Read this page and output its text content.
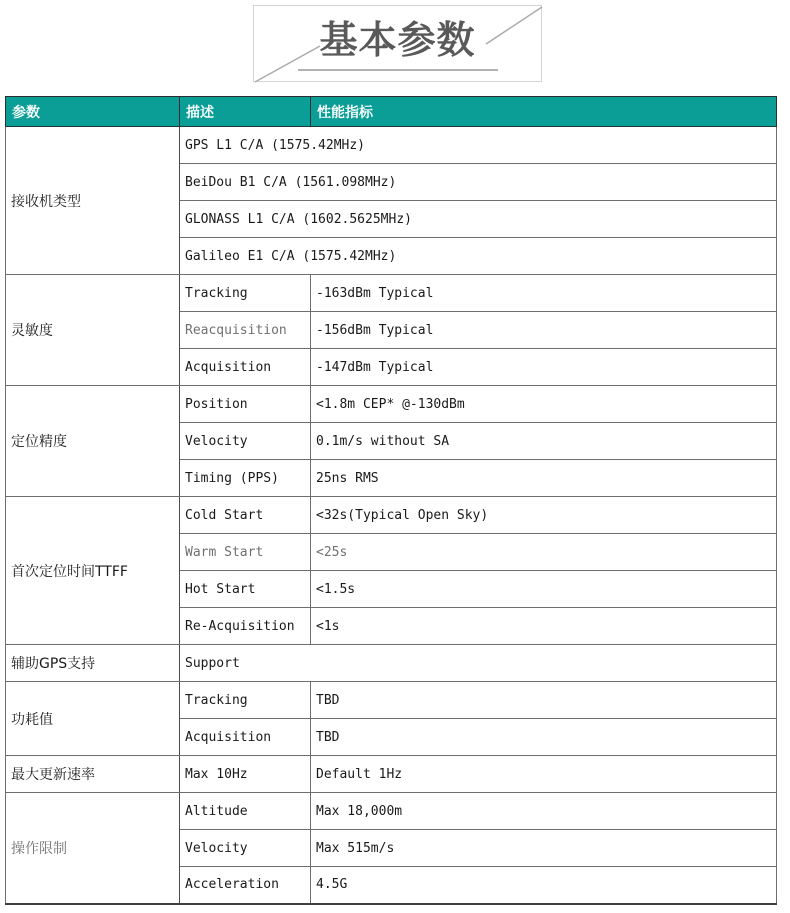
基本参数
参数	描述	性能指标
接收机类型	GPS L1 C/A (1575.42MHz)	
	BeiDou B1 C/A (1561.098MHz)	
	GLONASS L1 C/A (1602.5625MHz)	
	Galileo E1 C/A (1575.42MHz)	
灵敏度	Tracking	-163dBm Typical
	Reacquisition	-156dBm Typical
	Acquisition	-147dBm Typical
定位精度	Position	<1.8m CEP* @-130dBm
	Velocity	0.1m/s without SA
	Timing (PPS)	25ns RMS
首次定位时间TTFF	Cold Start	<32s(Typical Open Sky)
	Warm Start	<25s
	Hot Start	<1.5s
	Re-Acquisition	<1s
辅助GPS支持	Support	
功耗值	Tracking	TBD
	Acquisition	TBD
最大更新速率	Max 10Hz	Default 1Hz
操作限制	Altitude	Max 18,000m
	Velocity	Max 515m/s
	Acceleration	4.5G
